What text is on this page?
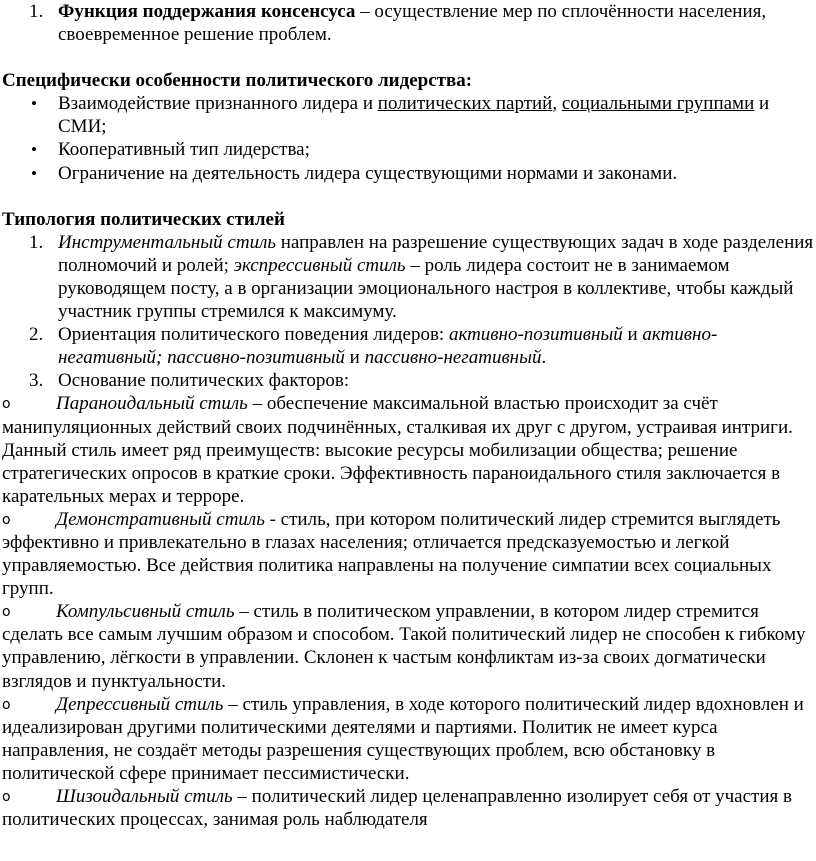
1. Функция поддержания консенсуса – осуществление мер по сплочённости населения, своевременное решение проблем.

Специфически особенности политического лидерства:

• Взаимодействие признанного лидера и политических партий, социальными группами и СМИ;

• Кооперативный тип лидерства;

• Ограничение на деятельность лидера существующими нормами и законами.

Типология политических стилей

1. Инструментальный стиль направлен на разрешение существующих задач в ходе разделения полномочий и ролей; экспрессивный стиль – роль лидера состоит не в занимаемом руководящем посту, а в организации эмоционального настроя в коллективе, чтобы каждый участник группы стремился к максимуму.

2. Ориентация политического поведения лидеров: активно-позитивный и активно-негативный; пассивно-позитивный и пассивно-негативный.

3. Основание политических факторов:

o Параноидальный стиль – обеспечение максимальной властью происходит за счёт манипуляционных действий своих подчинённых, сталкивая их друг с другом, устраивая интриги. Данный стиль имеет ряд преимуществ: высокие ресурсы мобилизации общества; решение стратегических опросов в краткие сроки. Эффективность параноидального стиля заключается в карательных мерах и терроре.

o Демонстративный стиль - стиль, при котором политический лидер стремится выглядеть эффективно и привлекательно в глазах населения; отличается предсказуемостью и легкой управляемостью. Все действия политика направлены на получение симпатии всех социальных групп.

o Компульсивный стиль – стиль в политическом управлении, в котором лидер стремится сделать все самым лучшим образом и способом. Такой политический лидер не способен к гибкому управлению, лёгкости в управлении. Склонен к частым конфликтам из-за своих догматически взглядов и пунктуальности.

o Депрессивный стиль – стиль управления, в ходе которого политический лидер вдохновлен и идеализирован другими политическими деятелями и партиями. Политик не имеет курса направления, не создаёт методы разрешения существующих проблем, всю обстановку в политической сфере принимает пессимистически.

o Шизоидальный стиль – политический лидер целенаправленно изолирует себя от участия в политических процессах, занимая роль наблюдателя
